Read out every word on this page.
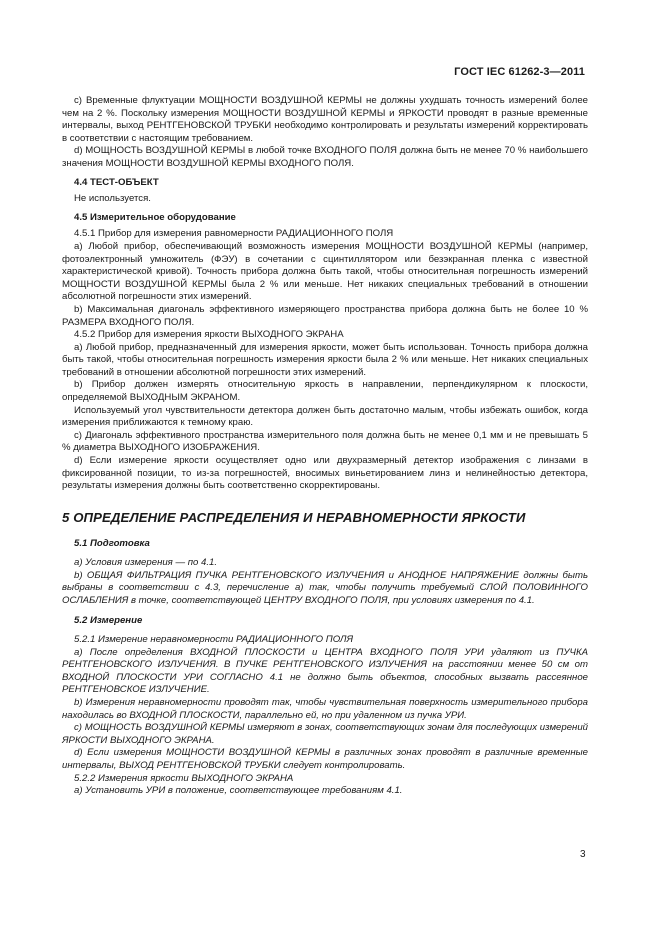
ГОСТ IEC 61262-3—2011

c) Временные флуктуации МОЩНОСТИ ВОЗДУШНОЙ КЕРМЫ не должны ухудшать точность измерений более чем на 2 %. Поскольку измерения МОЩНОСТИ ВОЗДУШНОЙ КЕРМЫ и ЯРКОСТИ проводят в разные временные интервалы, выход РЕНТГЕНОВСКОЙ ТРУБКИ необходимо контролировать и результаты измерений корректировать в соответствии с настоящим требованием.

d) МОЩНОСТЬ ВОЗДУШНОЙ КЕРМЫ в любой точке ВХОДНОГО ПОЛЯ должна быть не менее 70 % наибольшего значения МОЩНОСТИ ВОЗДУШНОЙ КЕРМЫ ВХОДНОГО ПОЛЯ.

4.4 ТЕСТ-ОБЪЕКТ

Не используется.

4.5 Измерительное оборудование

4.5.1 Прибор для измерения равномерности РАДИАЦИОННОГО ПОЛЯ

a) Любой прибор, обеспечивающий возможность измерения МОЩНОСТИ ВОЗДУШНОЙ КЕРМЫ (например, фотоэлектронный умножитель (ФЭУ) в сочетании с сцинтиллятором или безэкранная пленка с известной характеристической кривой). Точность прибора должна быть такой, чтобы относительная погрешность измерений МОЩНОСТИ ВОЗДУШНОЙ КЕРМЫ была 2 % или меньше. Нет никаких специальных требований в отношении абсолютной погрешности этих измерений.

b) Максимальная диагональ эффективного измеряющего пространства прибора должна быть не более 10 % РАЗМЕРА ВХОДНОГО ПОЛЯ.

4.5.2 Прибор для измерения яркости ВЫХОДНОГО ЭКРАНА

a) Любой прибор, предназначенный для измерения яркости, может быть использован. Точность прибора должна быть такой, чтобы относительная погрешность измерения яркости была 2 % или меньше. Нет никаких специальных требований в отношении абсолютной погрешности этих измерений.

b) Прибор должен измерять относительную яркость в направлении, перпендикулярном к плоскости, определяемой ВЫХОДНЫМ ЭКРАНОМ.

Используемый угол чувствительности детектора должен быть достаточно малым, чтобы избежать ошибок, когда измерения приближаются к темному краю.

c) Диагональ эффективного пространства измерительного поля должна быть не менее 0,1 мм и не превышать 5 % диаметра ВЫХОДНОГО ИЗОБРАЖЕНИЯ.

d) Если измерение яркости осуществляет одно или двухразмерный детектор изображения с линзами в фиксированной позиции, то из-за погрешностей, вносимых виньетированием линз и нелинейностью детектора, результаты измерения должны быть соответственно скорректированы.

5 ОПРЕДЕЛЕНИЕ РАСПРЕДЕЛЕНИЯ И НЕРАВНОМЕРНОСТИ ЯРКОСТИ

5.1 Подготовка

a) Условия измерения — по 4.1.

b) ОБЩАЯ ФИЛЬТРАЦИЯ ПУЧКА РЕНТГЕНОВСКОГО ИЗЛУЧЕНИЯ и АНОДНОЕ НАПРЯЖЕНИЕ должны быть выбраны в соответствии с 4.3, перечисление а) так, чтобы получить требуемый СЛОЙ ПОЛОВИННОГО ОСЛАБЛЕНИЯ в точке, соответствующей ЦЕНТРУ ВХОДНОГО ПОЛЯ, при условиях измерения по 4.1.

5.2 Измерение

5.2.1 Измерение неравномерности РАДИАЦИОННОГО ПОЛЯ

a) После определения ВХОДНОЙ ПЛОСКОСТИ и ЦЕНТРА ВХОДНОГО ПОЛЯ УРИ удаляют из ПУЧКА РЕНТГЕНОВСКОГО ИЗЛУЧЕНИЯ. В ПУЧКЕ РЕНТГЕНОВСКОГО ИЗЛУЧЕНИЯ на расстоянии менее 50 см от ВХОДНОЙ ПЛОСКОСТИ УРИ СОГЛАСНО 4.1 не должно быть объектов, способных вызвать рассеянное РЕНТГЕНОВСКОЕ ИЗЛУЧЕНИЕ.

b) Измерения неравномерности проводят так, чтобы чувствительная поверхность измерительного прибора находилась во ВХОДНОЙ ПЛОСКОСТИ, параллельно ей, но при удаленном из пучка УРИ.

c) МОЩНОСТЬ ВОЗДУШНОЙ КЕРМЫ измеряют в зонах, соответствующих зонам для последующих измерений ЯРКОСТИ ВЫХОДНОГО ЭКРАНА.

d) Если измерения МОЩНОСТИ ВОЗДУШНОЙ КЕРМЫ в различных зонах проводят в различные временные интервалы, ВЫХОД РЕНТГЕНОВСКОЙ ТРУБКИ следует контролировать.

5.2.2 Измерения яркости ВЫХОДНОГО ЭКРАНА

a) Установить УРИ в положение, соответствующее требованиям 4.1.

3
